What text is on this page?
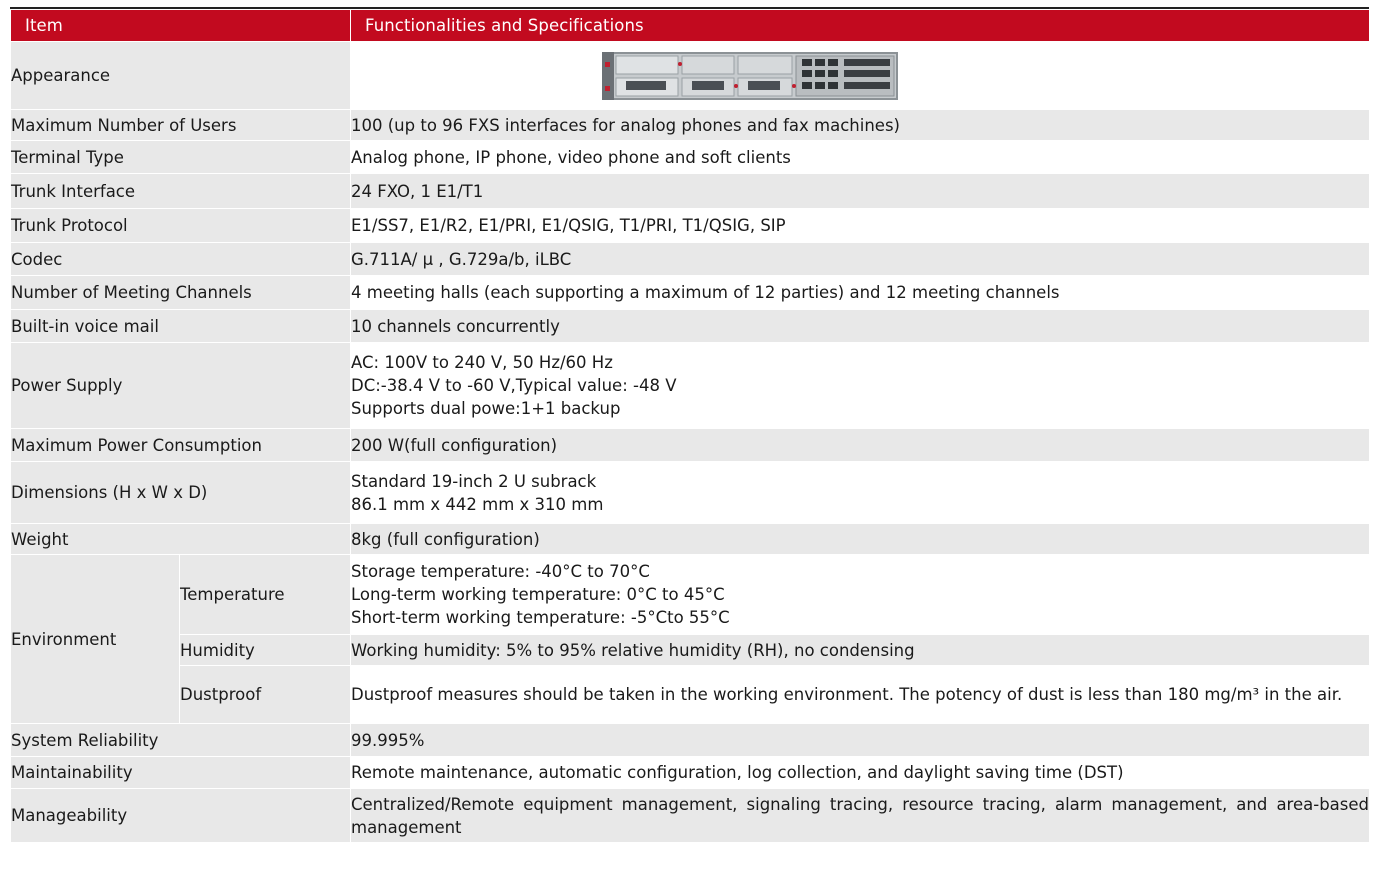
Item		Functionalities and Specifications
Appearance	

Maximum Number of Users		100 (up to 96 FXS interfaces for analog phones and fax machines)
Terminal Type		Analog phone, IP phone, video phone and soft clients
Trunk Interface		24 FXO, 1 E1/T1
Trunk Protocol		E1/SS7, E1/R2, E1/PRI, E1/QSIG, T1/PRI, T1/QSIG, SIP
Codec		G.711A/ μ , G.729a/b, iLBC
Number of Meeting Channels		4 meeting halls (each supporting a maximum of 12 parties) and 12 meeting channels
Built-in voice mail		10 channels concurrently
Power Supply		AC: 100V to 240 V, 50 Hz/60 Hz
DC:-38.4 V to -60 V,Typical value: -48 V
Supports dual powe:1+1 backup

Maximum Power Consumption		200 W(full configuration)
Dimensions (H x W x D)		Standard 19-inch 2 U subrack
86.1 mm x 442 mm x 310 mm

Weight		8kg (full configuration)
Environment	Temperature	Storage temperature: -40°C to 70°C
Long-term working temperature: 0°C to 45°C
Short-term working temperature: -5°Cto 55°C

	Humidity	Working humidity: 5% to 95% relative humidity (RH), no condensing
	Dustproof	Dustproof measures should be taken in the working environment. The potency of dust is less than 180 mg/m³ in the air.
System Reliability		99.995%
Maintainability		Remote maintenance, automatic configuration, log collection, and daylight saving time (DST)
Manageability		Centralized/Remote equipment management, signaling tracing, resource tracing, alarm management, and area-based management
